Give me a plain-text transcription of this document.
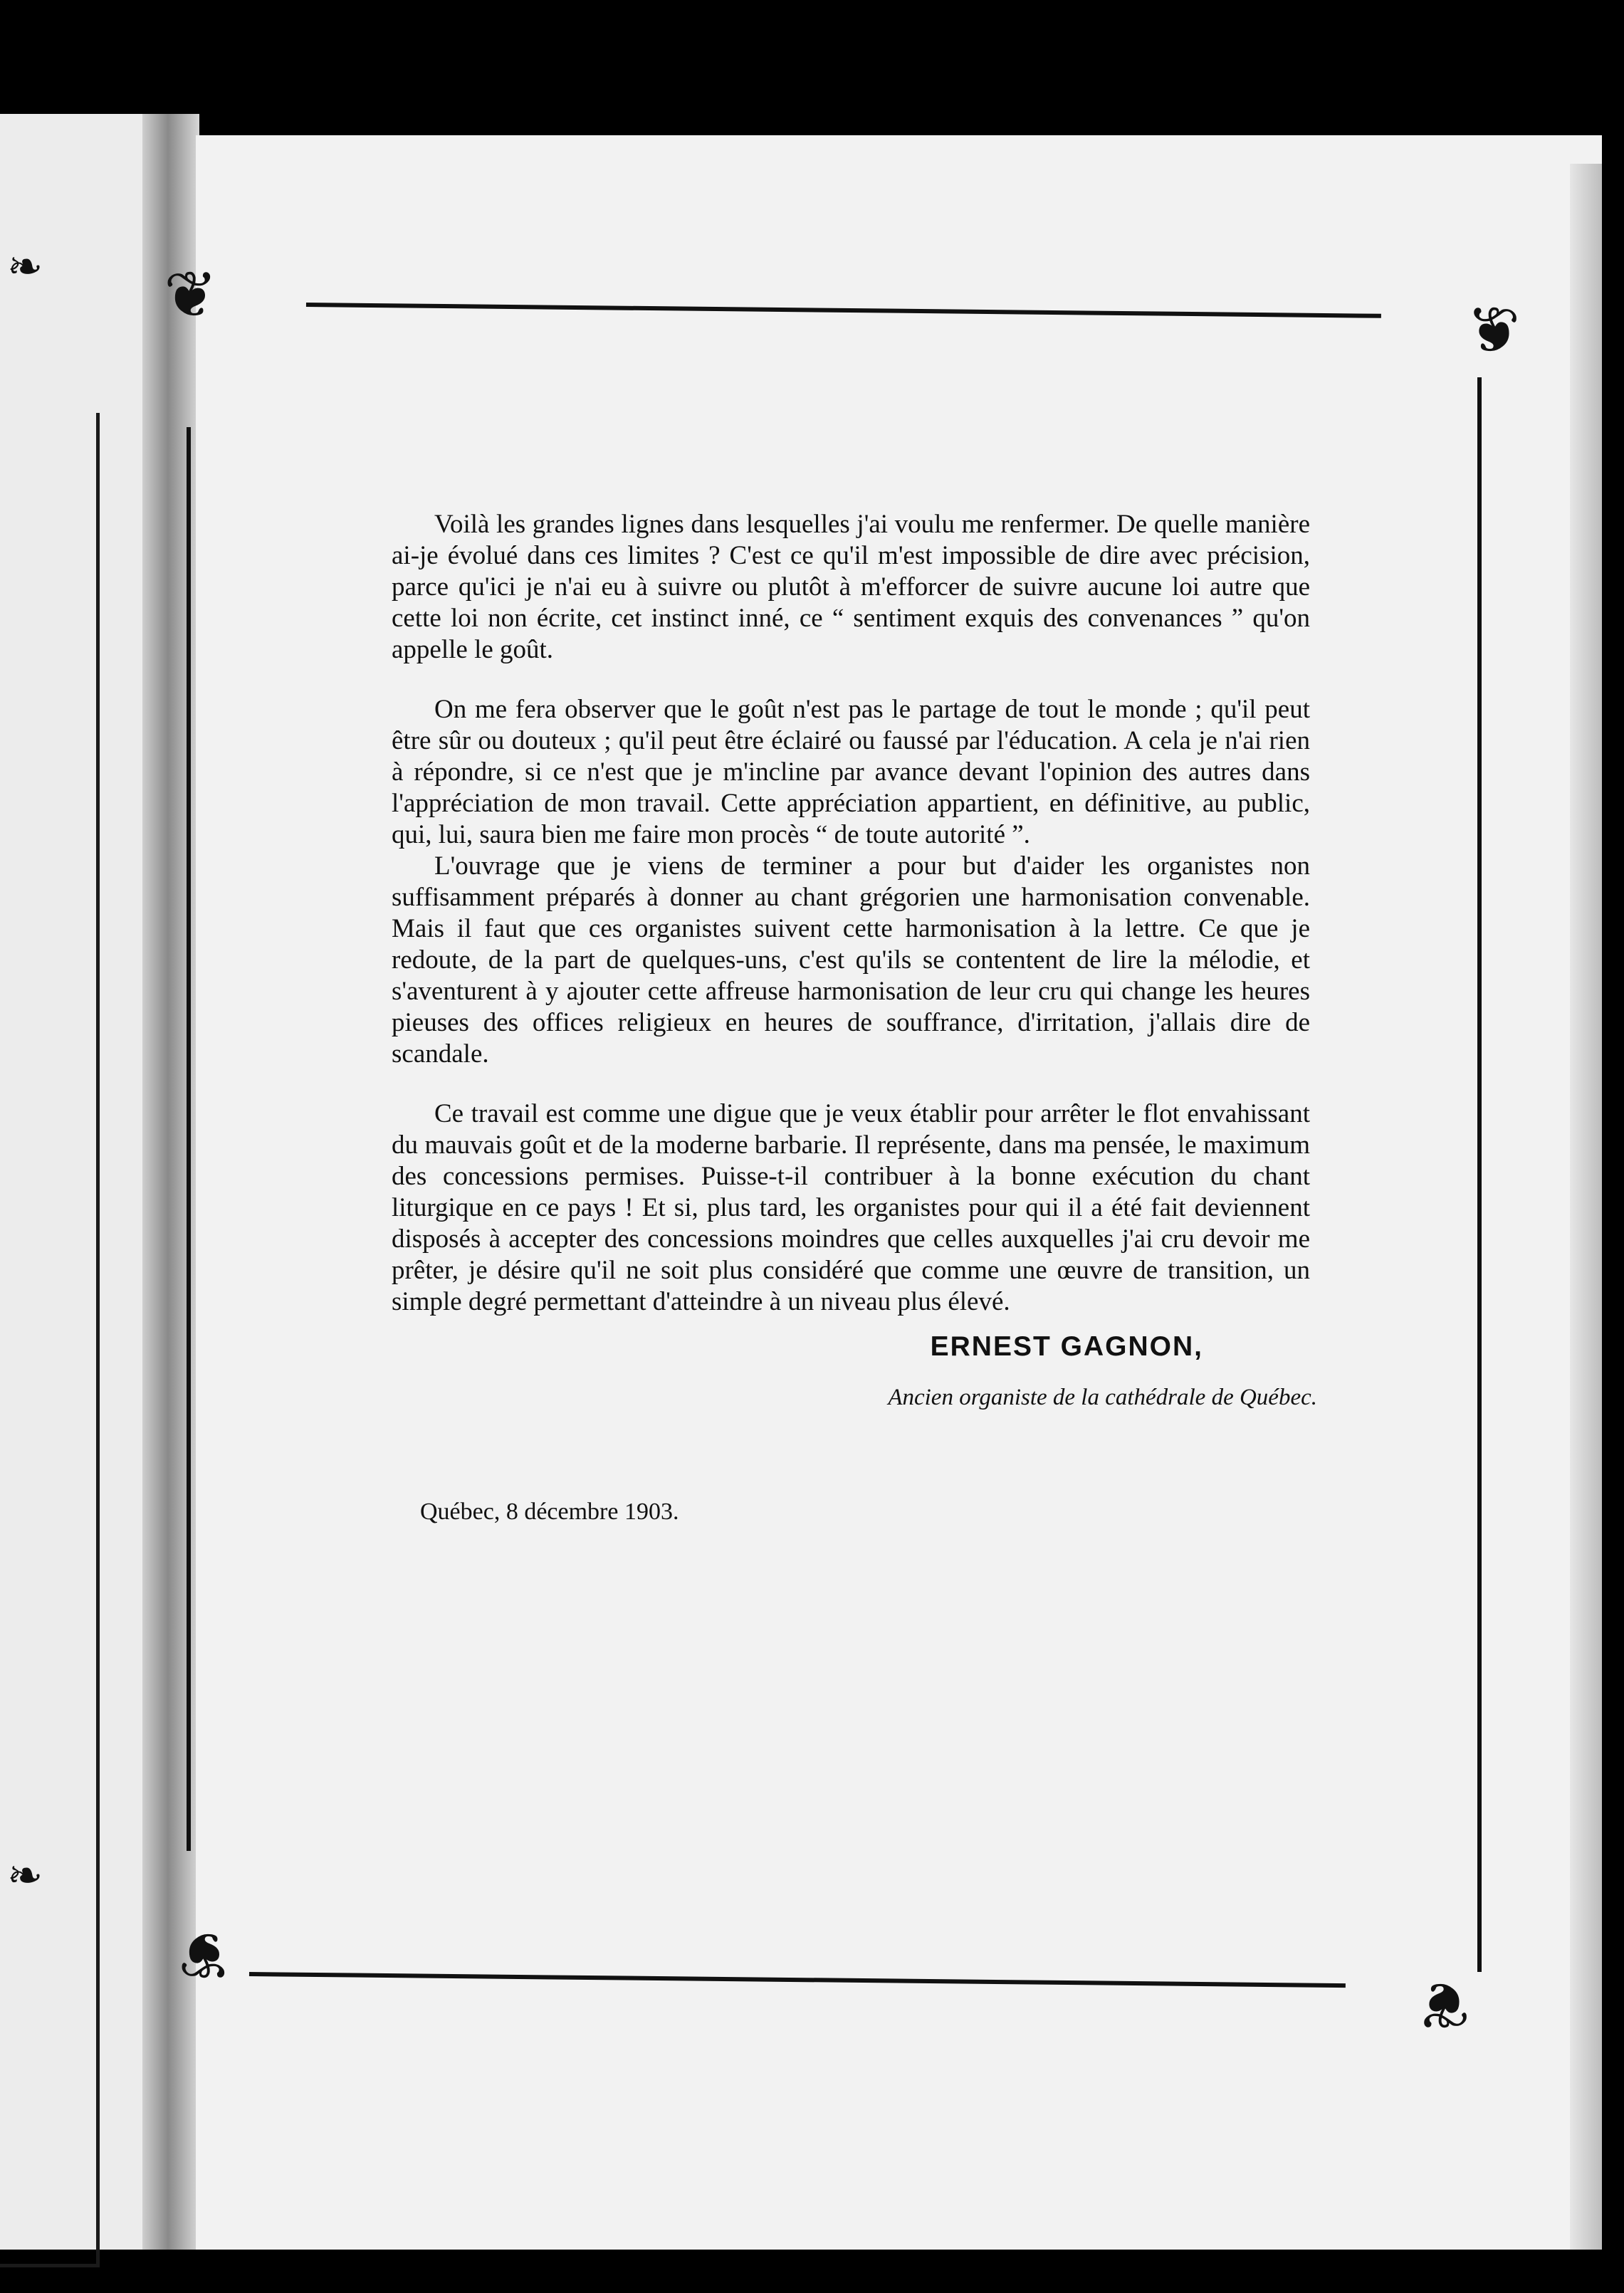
❦	❦
❦
❦
❧
❧

Voilà les grandes lignes dans lesquelles j'ai voulu me renfermer. De quelle manière ai-je évolué dans ces limites ? C'est ce qu'il m'est impossible de dire avec précision, parce qu'ici je n'ai eu à suivre ou plutôt à m'efforcer de suivre aucune loi autre que cette loi non écrite, cet instinct inné, ce “ sentiment exquis des convenances ” qu'on appelle le goût.

On me fera observer que le goût n'est pas le partage de tout le monde ; qu'il peut être sûr ou douteux ; qu'il peut être éclairé ou faussé par l'éducation. A cela je n'ai rien à répondre, si ce n'est que je m'incline par avance devant l'opinion des autres dans l'appréciation de mon travail. Cette appréciation appartient, en définitive, au public, qui, lui, saura bien me faire mon procès “ de toute autorité ”.

L'ouvrage que je viens de terminer a pour but d'aider les organistes non suffisamment préparés à donner au chant grégorien une harmonisation convenable. Mais il faut que ces organistes suivent cette harmonisation à la lettre. Ce que je redoute, de la part de quelques-uns, c'est qu'ils se contentent de lire la mélodie, et s'aventurent à y ajouter cette affreuse harmonisation de leur cru qui change les heures pieuses des offices religieux en heures de souffrance, d'irritation, j'allais dire de scandale.

Ce travail est comme une digue que je veux établir pour arrêter le flot envahissant du mauvais goût et de la moderne barbarie. Il représente, dans ma pensée, le maximum des concessions permises. Puisse-t-il contribuer à la bonne exécution du chant liturgique en ce pays ! Et si, plus tard, les organistes pour qui il a été fait deviennent disposés à accepter des concessions moindres que celles auxquelles j'ai cru devoir me prêter, je désire qu'il ne soit plus considéré que comme une œuvre de transition, un simple degré permettant d'atteindre à un niveau plus élevé.

ERNEST GAGNON,
Ancien organiste de la cathédrale de Québec.
Québec, 8 décembre 1903.
